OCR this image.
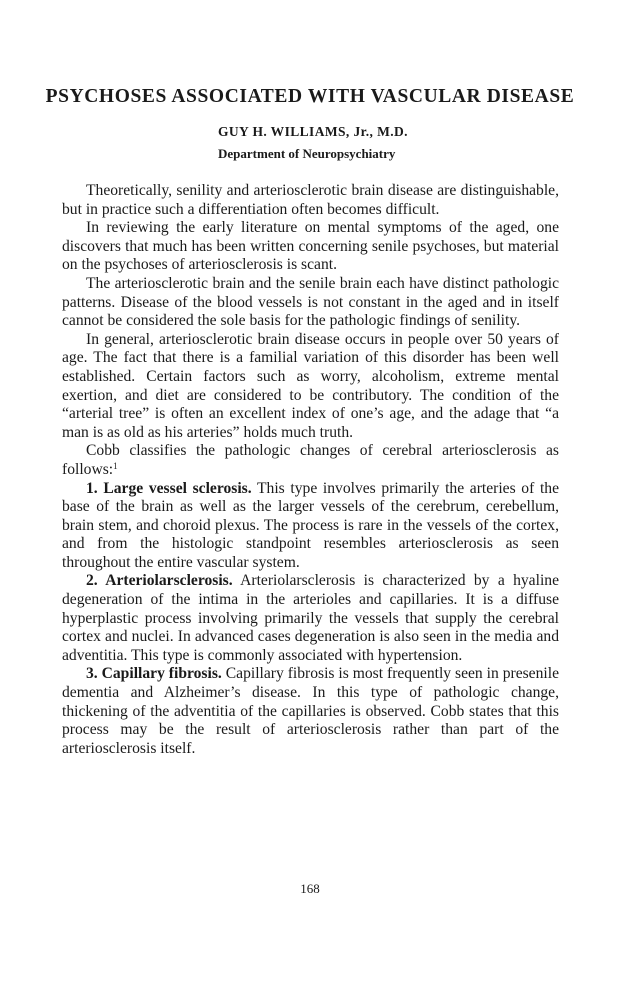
PSYCHOSES ASSOCIATED WITH VASCULAR DISEASE
GUY H. WILLIAMS, Jr., M.D.
Department of Neuropsychiatry

Theoretically, senility and arteriosclerotic brain disease are distinguishable, but in practice such a differentiation often becomes difficult.

In reviewing the early literature on mental symptoms of the aged, one discovers that much has been written concerning senile psychoses, but material on the psychoses of arteriosclerosis is scant.

The arteriosclerotic brain and the senile brain each have distinct pathologic patterns. Disease of the blood vessels is not constant in the aged and in itself cannot be considered the sole basis for the pathologic findings of senility.

In general, arteriosclerotic brain disease occurs in people over 50 years of age. The fact that there is a familial variation of this disorder has been well established. Certain factors such as worry, alcoholism, extreme mental exertion, and diet are considered to be contributory. The condition of the “arterial tree” is often an excellent index of one’s age, and the adage that “a man is as old as his arteries” holds much truth.

Cobb classifies the pathologic changes of cerebral arteriosclerosis as follows:$^1$

1. Large vessel sclerosis. This type involves primarily the arteries of the base of the brain as well as the larger vessels of the cerebrum, cerebellum, brain stem, and choroid plexus. The process is rare in the vessels of the cortex, and from the histologic standpoint resembles arteriosclerosis as seen throughout the entire vascular system.

2. Arteriolarsclerosis. Arteriolarsclerosis is characterized by a hyaline degeneration of the intima in the arterioles and capillaries. It is a diffuse hyperplastic process involving primarily the vessels that supply the cerebral cortex and nuclei. In advanced cases degeneration is also seen in the media and adventitia. This type is commonly associated with hypertension.

3. Capillary fibrosis. Capillary fibrosis is most frequently seen in presenile dementia and Alzheimer’s disease. In this type of pathologic change, thickening of the adventitia of the capillaries is observed. Cobb states that this process may be the result of arteriosclerosis rather than part of the arteriosclerosis itself.

168
